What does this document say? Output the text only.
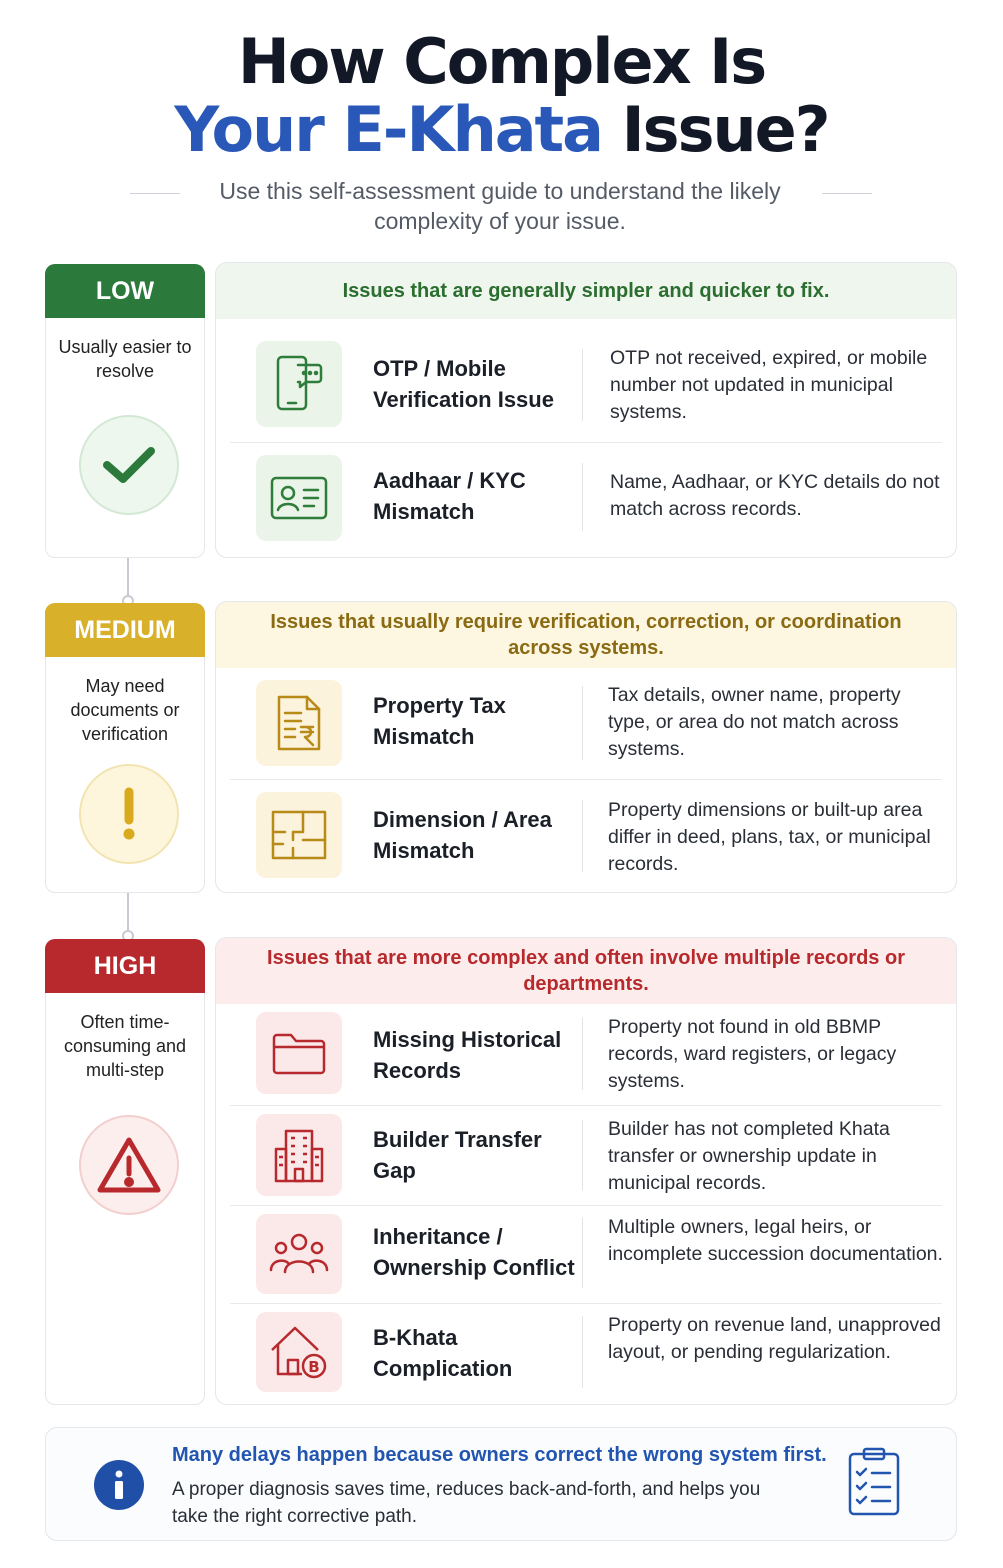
How Complex Is
Your E-Khata Issue?
Use this self-assessment guide to understand the likely complexity of your issue.
LOW
Usually easier to resolve
Issues that are generally simpler and quicker to fix.
OTP / Mobile Verification Issue
OTP not received, expired, or mobile number not updated in municipal systems.
Aadhaar / KYC Mismatch
Name, Aadhaar, or KYC details do not match across records.
MEDIUM
May need documents or verification
Issues that usually require verification, correction, or coordination across systems.
Property Tax Mismatch
Tax details, owner name, property type, or area do not match across systems.
Dimension / Area Mismatch
Property dimensions or built-up area differ in deed, plans, tax, or municipal records.
HIGH
Often time-consuming and multi-step
Issues that are more complex and often involve multiple records or departments.
Missing Historical Records
Property not found in old BBMP records, ward registers, or legacy systems.
Builder Transfer Gap
Builder has not completed Khata transfer or ownership update in municipal records.
Inheritance / Ownership Conflict
Multiple owners, legal heirs, or incomplete succession documentation.
B
B-Khata Complication
Property on revenue land, unapproved layout, or pending regularization.
Many delays happen because owners correct the wrong system first.
A proper diagnosis saves time, reduces back-and-forth, and helps you take the right corrective path.
